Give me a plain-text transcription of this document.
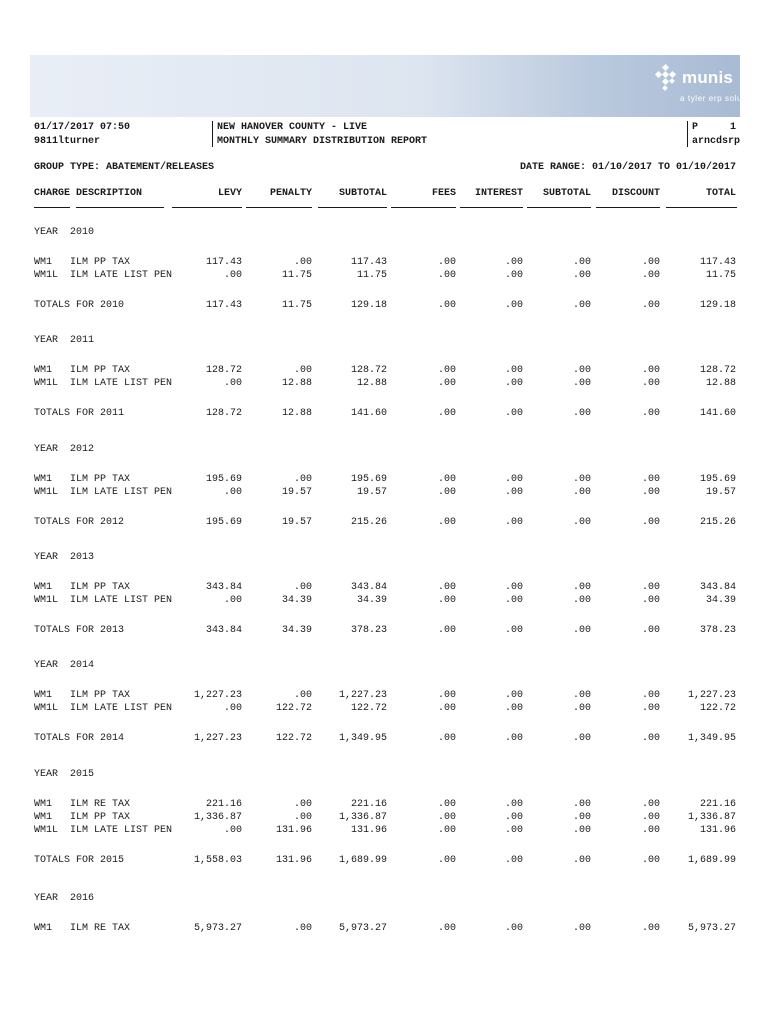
munis
a tyler erp solution
01/17/2017 07:50
9811lturner
NEW HANOVER COUNTY - LIVE
MONTHLY SUMMARY DISTRIBUTION REPORT
P	1
arncdsrp
GROUP TYPE: ABATEMENT/RELEASES	DATE RANGE: 01/10/2017 TO 01/10/2017
CHARGE DESCRIPTION	LEVY	PENALTY	SUBTOTAL	FEES	INTEREST	SUBTOTAL	DISCOUNT	TOTAL
YEAR  2010
WM1 ILM PP TAX	117.43	.00	117.43	.00	.00	.00	.00	117.43
WM1L ILM LATE LIST PEN	.00	11.75	11.75	.00	.00	.00	.00	11.75
TOTALS FOR 2010	117.43	11.75	129.18	.00	.00	.00	.00	129.18
YEAR  2011
WM1 ILM PP TAX	128.72	.00	128.72	.00	.00	.00	.00	128.72
WM1L ILM LATE LIST PEN	.00	12.88	12.88	.00	.00	.00	.00	12.88
TOTALS FOR 2011	128.72	12.88	141.60	.00	.00	.00	.00	141.60
YEAR  2012
WM1 ILM PP TAX	195.69	.00	195.69	.00	.00	.00	.00	195.69
WM1L ILM LATE LIST PEN	.00	19.57	19.57	.00	.00	.00	.00	19.57
TOTALS FOR 2012	195.69	19.57	215.26	.00	.00	.00	.00	215.26
YEAR  2013
WM1 ILM PP TAX	343.84	.00	343.84	.00	.00	.00	.00	343.84
WM1L ILM LATE LIST PEN	.00	34.39	34.39	.00	.00	.00	.00	34.39
TOTALS FOR 2013	343.84	34.39	378.23	.00	.00	.00	.00	378.23
YEAR  2014
WM1 ILM PP TAX	1,227.23	.00	1,227.23	.00	.00	.00	.00	1,227.23
WM1L ILM LATE LIST PEN	.00	122.72	122.72	.00	.00	.00	.00	122.72
TOTALS FOR 2014	1,227.23	122.72	1,349.95	.00	.00	.00	.00	1,349.95
YEAR  2015
WM1 ILM RE TAX	221.16	.00	221.16	.00	.00	.00	.00	221.16
WM1 ILM PP TAX	1,336.87	.00	1,336.87	.00	.00	.00	.00	1,336.87
WM1L ILM LATE LIST PEN	.00	131.96	131.96	.00	.00	.00	.00	131.96
TOTALS FOR 2015	1,558.03	131.96	1,689.99	.00	.00	.00	.00	1,689.99
YEAR  2016
WM1 ILM RE TAX	5,973.27	.00	5,973.27	.00	.00	.00	.00	5,973.27
